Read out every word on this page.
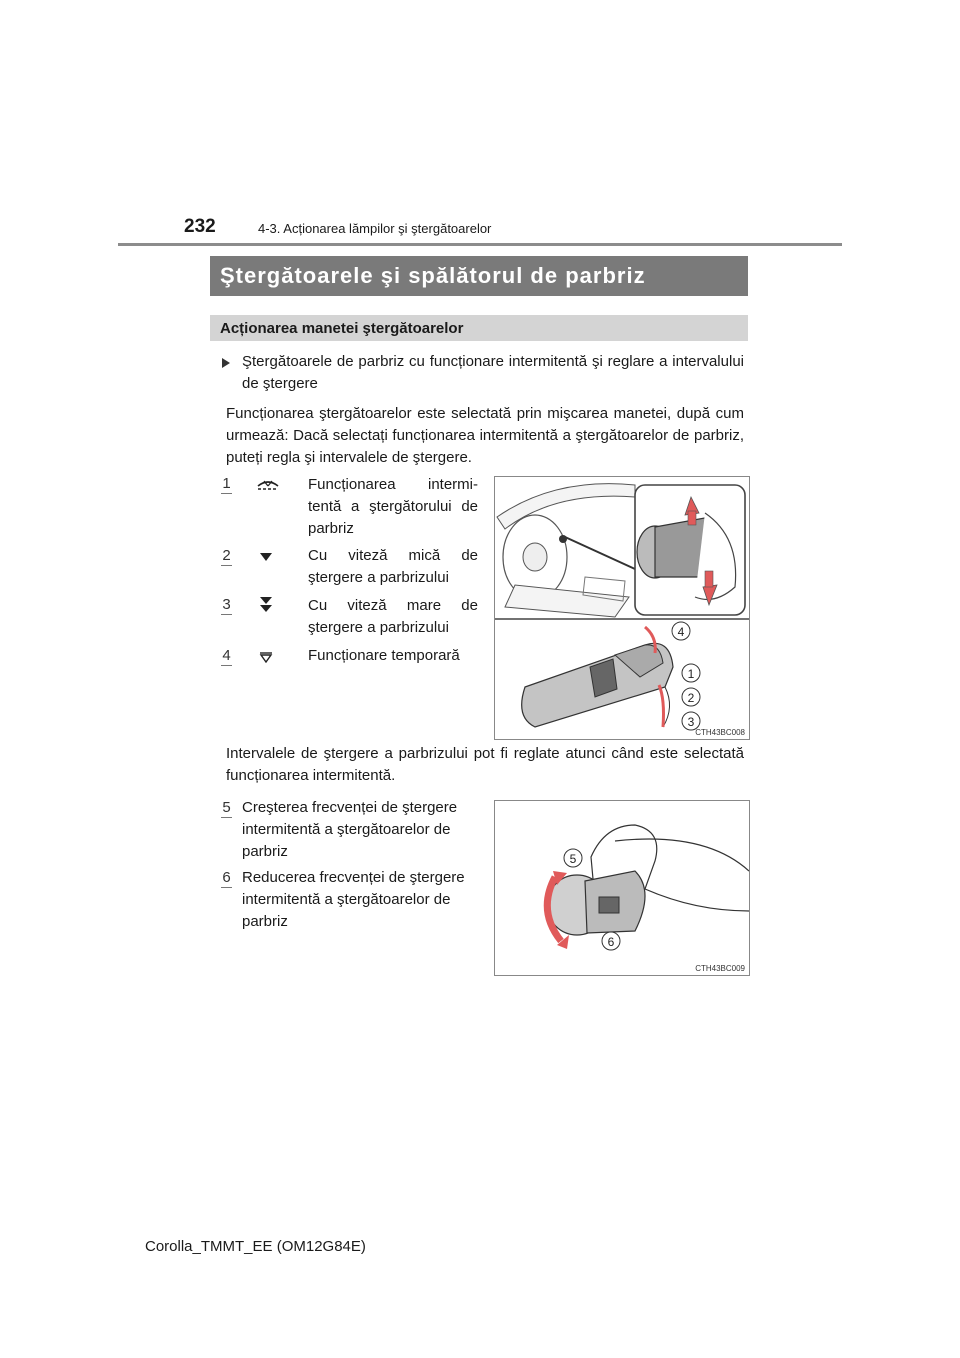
232	4-3. Acționarea lămpilor şi ştergătoarelor
Ştergătoarele şi spălătorul de parbriz
Acționarea manetei ştergătoarelor
Ştergătoarele de parbriz cu funcționare intermitentă şi reglare a intervalului de ştergere
Funcționarea ştergătoarelor este selectată prin mişcarea manetei, după cum urmează: Dacă selectați funcționarea intermitentă a ştergătoarelor de parbriz, puteți regla şi intervalele de ştergere.
1	Funcționarea intermi-tentă a ştergătorului de parbriz
2	Cu viteză mică de ştergere a parbrizului
3	Cu viteză mare de ştergere a parbrizului
4	Funcționare temporară
4
1
2
3
CTH43BC008
Intervalele de ştergere a parbrizului pot fi reglate atunci când este selectată funcționarea intermitentă.
5 Creşterea frecvenței de ştergere intermitentă a ştergătoarelor de parbriz
6 Reducerea frecvenței de ştergere intermitentă a ştergătoarelor de parbriz
5
6
CTH43BC009
Corolla_TMMT_EE (OM12G84E)
